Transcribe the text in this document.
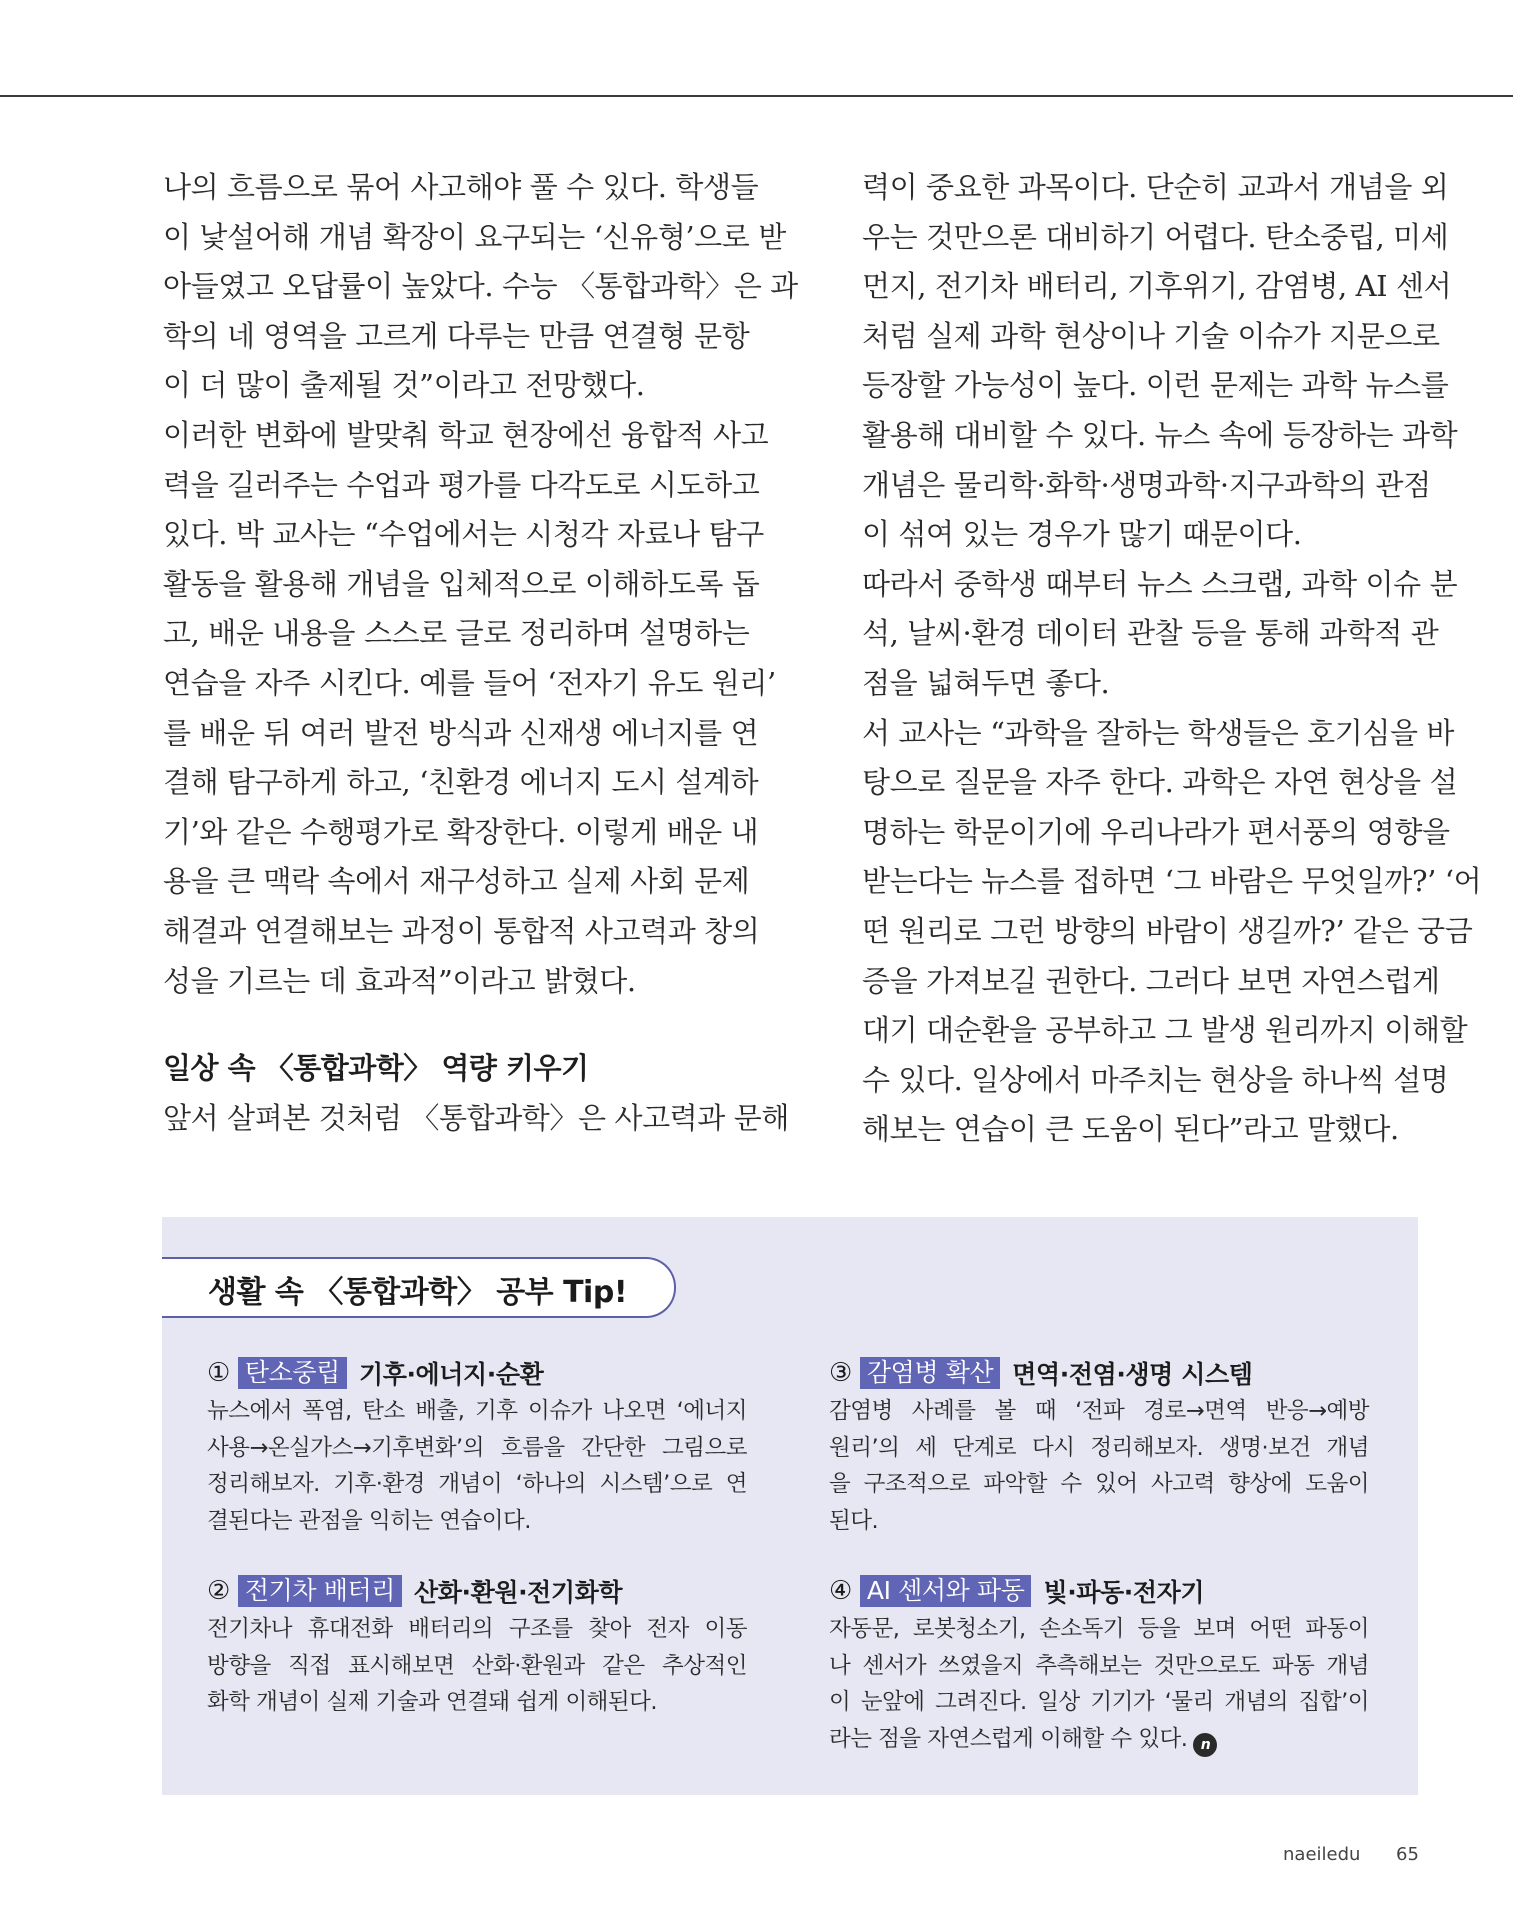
나의 흐름으로 묶어 사고해야 풀 수 있다. 학생들
이 낯설어해 개념 확장이 요구되는 ‘신유형’으로 받
아들였고 오답률이 높았다. 수능 〈통합과학〉은 과
학의 네 영역을 고르게 다루는 만큼 연결형 문항
이 더 많이 출제될 것”이라고 전망했다.
이러한 변화에 발맞춰 학교 현장에선 융합적 사고
력을 길러주는 수업과 평가를 다각도로 시도하고
있다. 박 교사는 “수업에서는 시청각 자료나 탐구
활동을 활용해 개념을 입체적으로 이해하도록 돕
고, 배운 내용을 스스로 글로 정리하며 설명하는
연습을 자주 시킨다. 예를 들어 ‘전자기 유도 원리’
를 배운 뒤 여러 발전 방식과 신재생 에너지를 연
결해 탐구하게 하고, ‘친환경 에너지 도시 설계하
기’와 같은 수행평가로 확장한다. 이렇게 배운 내
용을 큰 맥락 속에서 재구성하고 실제 사회 문제
해결과 연결해보는 과정이 통합적 사고력과 창의
성을 기르는 데 효과적”이라고 밝혔다.
일상 속 〈통합과학〉 역량 키우기
앞서 살펴본 것처럼 〈통합과학〉은 사고력과 문해
력이 중요한 과목이다. 단순히 교과서 개념을 외
우는 것만으론 대비하기 어렵다. 탄소중립, 미세
먼지, 전기차 배터리, 기후위기, 감염병, AI 센서
처럼 실제 과학 현상이나 기술 이슈가 지문으로
등장할 가능성이 높다. 이런 문제는 과학 뉴스를
활용해 대비할 수 있다. 뉴스 속에 등장하는 과학
개념은 물리학·화학·생명과학·지구과학의 관점
이 섞여 있는 경우가 많기 때문이다.
따라서 중학생 때부터 뉴스 스크랩, 과학 이슈 분
석, 날씨·환경 데이터 관찰 등을 통해 과학적 관
점을 넓혀두면 좋다.
서 교사는 “과학을 잘하는 학생들은 호기심을 바
탕으로 질문을 자주 한다. 과학은 자연 현상을 설
명하는 학문이기에 우리나라가 편서풍의 영향을
받는다는 뉴스를 접하면 ‘그 바람은 무엇일까?’ ‘어
떤 원리로 그런 방향의 바람이 생길까?’ 같은 궁금
증을 가져보길 권한다. 그러다 보면 자연스럽게
대기 대순환을 공부하고 그 발생 원리까지 이해할
수 있다. 일상에서 마주치는 현상을 하나씩 설명
해보는 연습이 큰 도움이 된다”라고 말했다.
생활 속 〈통합과학〉 공부 Tip!
① 탄소중립 기후·에너지·순환
뉴스에서 폭염, 탄소 배출, 기후 이슈가 나오면 ‘에너지
사용→온실가스→기후변화’의 흐름을 간단한 그림으로
정리해보자. 기후·환경 개념이 ‘하나의 시스템’으로 연
결된다는 관점을 익히는 연습이다.
② 전기차 배터리 산화·환원·전기화학
전기차나 휴대전화 배터리의 구조를 찾아 전자 이동
방향을 직접 표시해보면 산화·환원과 같은 추상적인
화학 개념이 실제 기술과 연결돼 쉽게 이해된다.
③ 감염병 확산 면역·전염·생명 시스템
감염병 사례를 볼 때 ‘전파 경로→면역 반응→예방
원리’의 세 단계로 다시 정리해보자. 생명·보건 개념
을 구조적으로 파악할 수 있어 사고력 향상에 도움이
된다.
④ AI 센서와 파동 빛·파동·전자기
자동문, 로봇청소기, 손소독기 등을 보며 어떤 파동이
나 센서가 쓰였을지 추측해보는 것만으로도 파동 개념
이 눈앞에 그려진다. 일상 기기가 ‘물리 개념의 집합’이
라는 점을 자연스럽게 이해할 수 있다. n
naeiledu 65
